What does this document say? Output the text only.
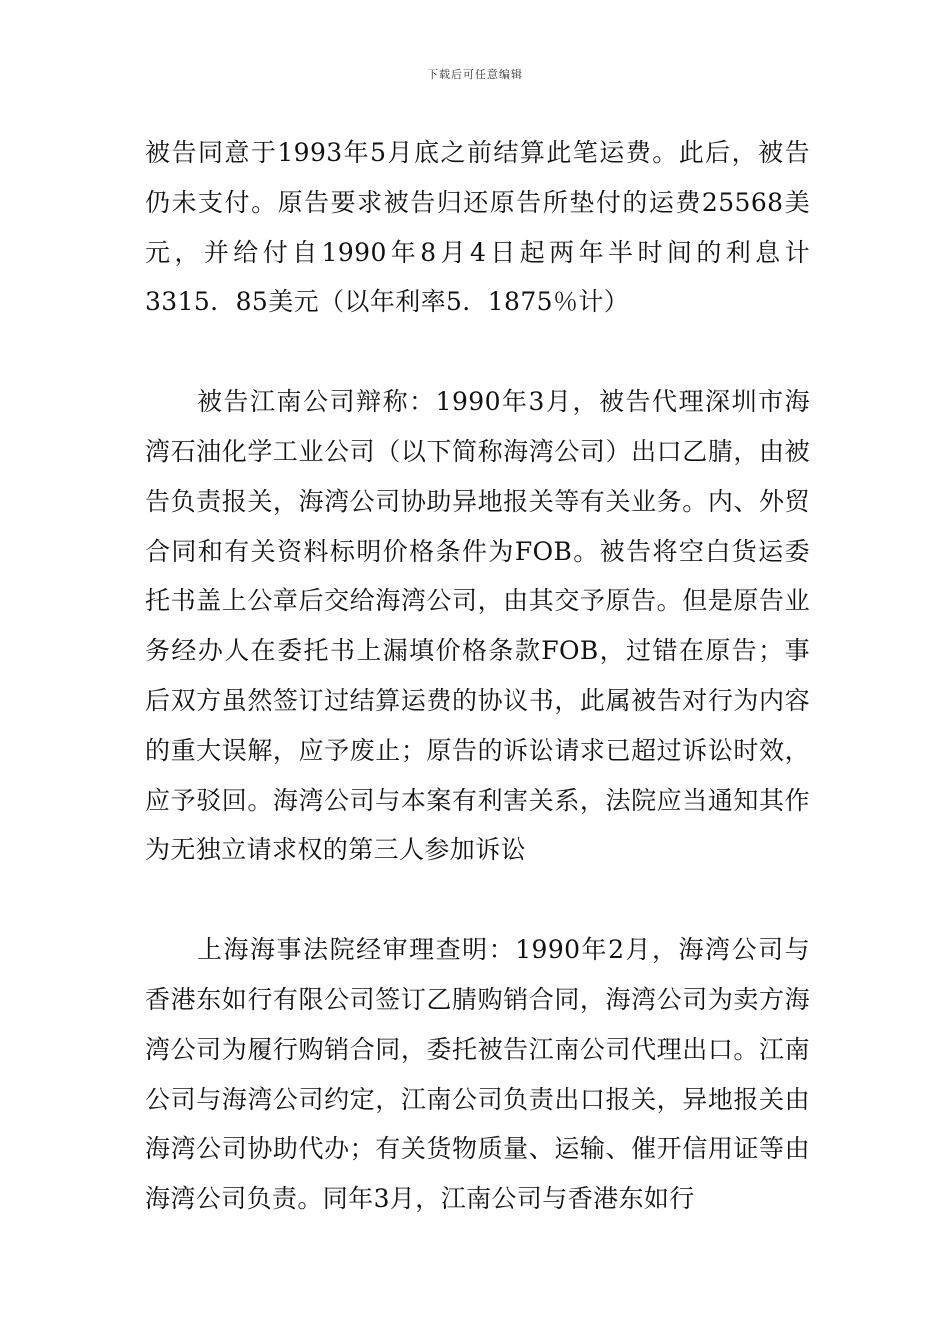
下载后可任意编辑

被告同意于1993年5月底之前结算此笔运费。此后，被告仍未支付。原告要求被告归还原告所垫付的运费25568美元，并给付自1990年8月4日起两年半时间的利息计3315．85美元（以年利率5．1875％计）

被告江南公司辩称：1990年3月，被告代理深圳市海湾石油化学工业公司（以下简称海湾公司）出口乙腈，由被告负责报关，海湾公司协助异地报关等有关业务。内、外贸合同和有关资料标明价格条件为FOB。被告将空白货运委托书盖上公章后交给海湾公司，由其交予原告。但是原告业务经办人在委托书上漏填价格条款FOB，过错在原告；事后双方虽然签订过结算运费的协议书，此属被告对行为内容的重大误解，应予废止；原告的诉讼请求已超过诉讼时效，应予驳回。海湾公司与本案有利害关系，法院应当通知其作为无独立请求权的第三人参加诉讼

上海海事法院经审理查明：1990年2月，海湾公司与香港东如行有限公司签订乙腈购销合同，海湾公司为卖方海湾公司为履行购销合同，委托被告江南公司代理出口。江南公司与海湾公司约定，江南公司负责出口报关，异地报关由海湾公司协助代办；有关货物质量、运输、催开信用证等由海湾公司负责。同年3月，江南公司与香港东如行
